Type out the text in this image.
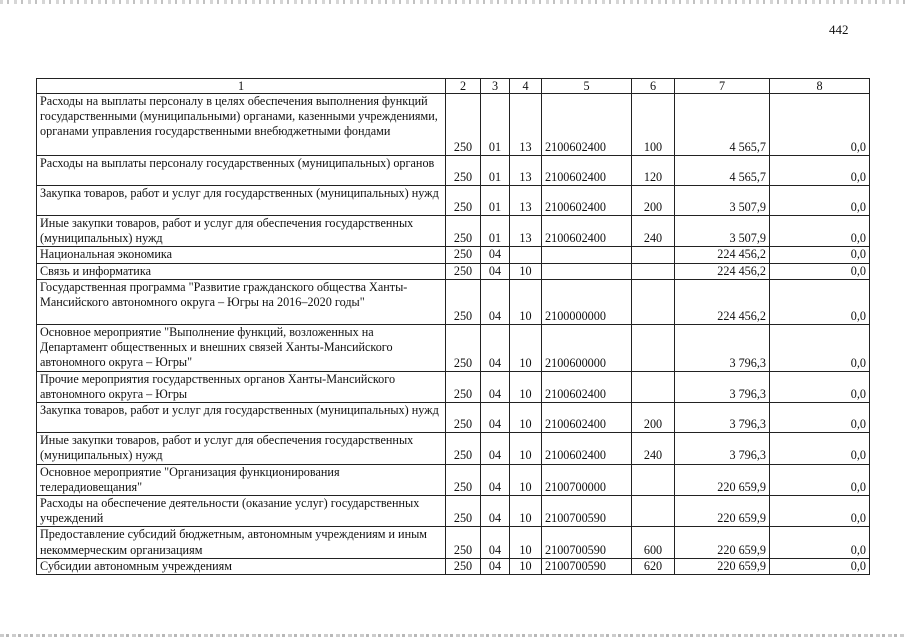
442
1	2	3	4	5	6	7	8
Расходы на выплаты персоналу в целях обеспечения выполнения функций государственными (муниципальными) органами, казенными учреждениями, органами управления государственными внебюджетными фондами	250	01	13	2100602400	100	4 565,7	0,0
Расходы на выплаты персоналу государственных (муниципальных) органов	250	01	13	2100602400	120	4 565,7	0,0
Закупка товаров, работ и услуг для государственных (муниципальных) нужд	250	01	13	2100602400	200	3 507,9	0,0
Иные закупки товаров, работ и услуг для обеспечения государственных (муниципальных) нужд	250	01	13	2100602400	240	3 507,9	0,0
Национальная экономика	250	04				224 456,2	0,0
Связь и информатика	250	04	10			224 456,2	0,0
Государственная программа "Развитие гражданского общества Ханты-Мансийского автономного округа – Югры на 2016–2020 годы"	250	04	10	2100000000		224 456,2	0,0
Основное мероприятие "Выполнение функций, возложенных на Департамент общественных и внешних связей Ханты-Мансийского автономного округа – Югры"	250	04	10	2100600000		3 796,3	0,0
Прочие мероприятия государственных органов Ханты-Мансийского автономного округа – Югры	250	04	10	2100602400		3 796,3	0,0
Закупка товаров, работ и услуг для государственных (муниципальных) нужд	250	04	10	2100602400	200	3 796,3	0,0
Иные закупки товаров, работ и услуг для обеспечения государственных (муниципальных) нужд	250	04	10	2100602400	240	3 796,3	0,0
Основное мероприятие "Организация функционирования телерадиовещания"	250	04	10	2100700000		220 659,9	0,0
Расходы на обеспечение деятельности (оказание услуг) государственных учреждений	250	04	10	2100700590		220 659,9	0,0
Предоставление субсидий бюджетным, автономным учреждениям и иным некоммерческим организациям	250	04	10	2100700590	600	220 659,9	0,0
Субсидии автономным учреждениям	250	04	10	2100700590	620	220 659,9	0,0
